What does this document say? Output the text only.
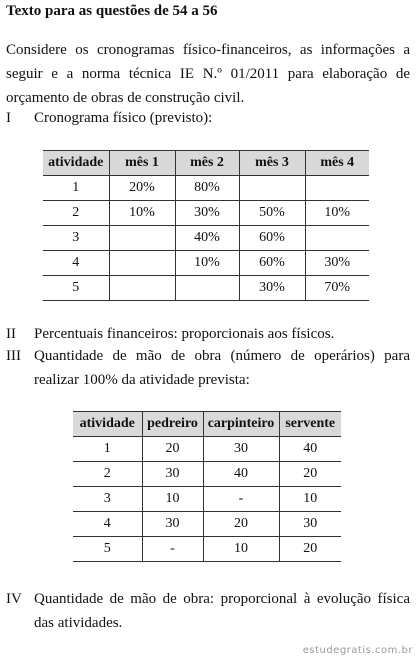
Texto para as questões de 54 a 56
Considere os cronogramas físico-financeiros, as informações a seguir e a norma técnica IE N.º 01/2011 para elaboração de orçamento de obras de construção civil.
I Cronograma físico (previsto):
atividade	mês 1	mês 2	mês 3	mês 4
1	20%	80%		
2	10%	30%	50%	10%
3		40%	60%	
4		10%	60%	30%
5			30%	70%
II Percentuais financeiros: proporcionais aos físicos.
III Quantidade de mão de obra (número de operários) para realizar 100% da atividade prevista:
atividade	pedreiro	carpinteiro	servente
1	20	30	40
2	30	40	20
3	10	-	10
4	30	20	30
5	-	10	20
IV Quantidade de mão de obra: proporcional à evolução física das atividades.
estudegratis.com.br
